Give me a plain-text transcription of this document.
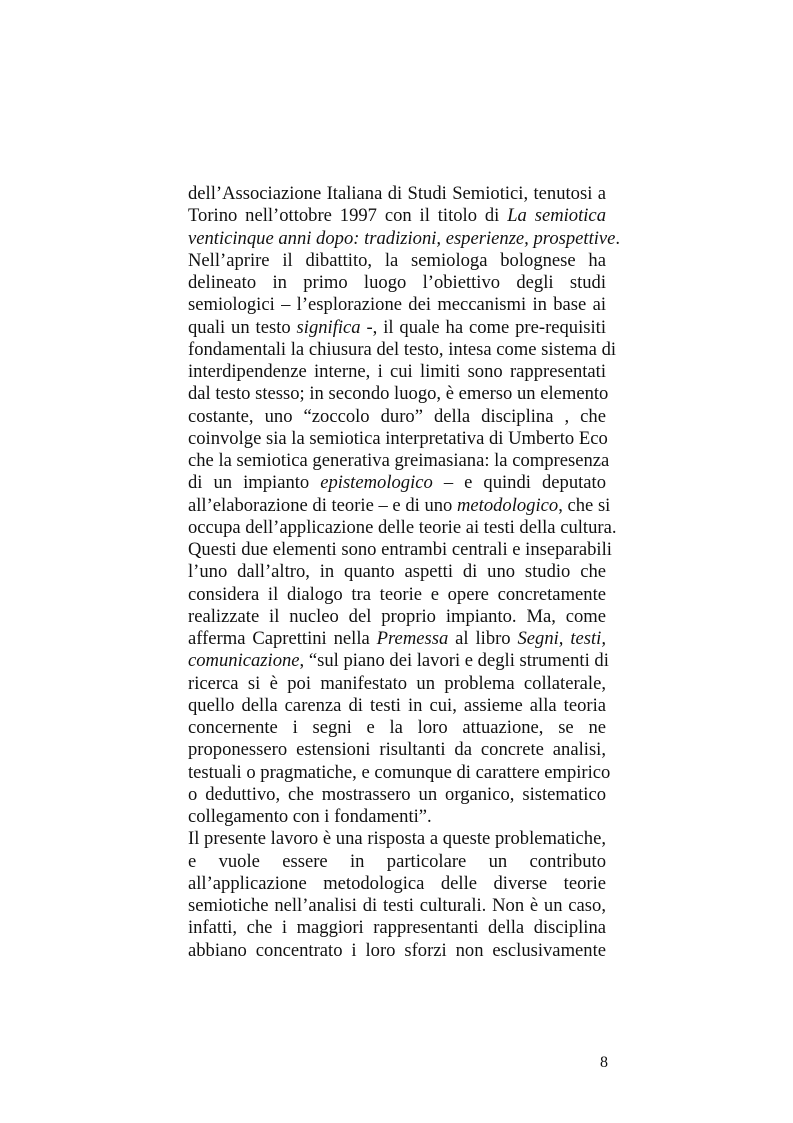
dell’Associazione Italiana di Studi Semiotici, tenutosi a
Torino nell’ottobre 1997 con il titolo di La semiotica
venticinque anni dopo: tradizioni, esperienze, prospettive.
Nell’aprire il dibattito, la semiologa bolognese ha
delineato in primo luogo l’obiettivo degli studi
semiologici – l’esplorazione dei meccanismi in base ai
quali un testo significa -, il quale ha come pre-requisiti
fondamentali la chiusura del testo, intesa come sistema di
interdipendenze interne, i cui limiti sono rappresentati
dal testo stesso; in secondo luogo, è emerso un elemento
costante, uno “zoccolo duro” della disciplina , che
coinvolge sia la semiotica interpretativa di Umberto Eco
che la semiotica generativa greimasiana: la compresenza
di un impianto epistemologico – e quindi deputato
all’elaborazione di teorie – e di uno metodologico, che si
occupa dell’applicazione delle teorie ai testi della cultura.
Questi due elementi sono entrambi centrali e inseparabili
l’uno dall’altro, in quanto aspetti di uno studio che
considera il dialogo tra teorie e opere concretamente
realizzate il nucleo del proprio impianto. Ma, come
afferma Caprettini nella Premessa al libro Segni, testi,
comunicazione, “sul piano dei lavori e degli strumenti di
ricerca si è poi manifestato un problema collaterale,
quello della carenza di testi in cui, assieme alla teoria
concernente i segni e la loro attuazione, se ne
proponessero estensioni risultanti da concrete analisi,
testuali o pragmatiche, e comunque di carattere empirico
o deduttivo, che mostrassero un organico, sistematico
collegamento con i fondamenti”.
Il presente lavoro è una risposta a queste problematiche,
e vuole essere in particolare un contributo
all’applicazione metodologica delle diverse teorie
semiotiche nell’analisi di testi culturali. Non è un caso,
infatti, che i maggiori rappresentanti della disciplina
abbiano concentrato i loro sforzi non esclusivamente
8
